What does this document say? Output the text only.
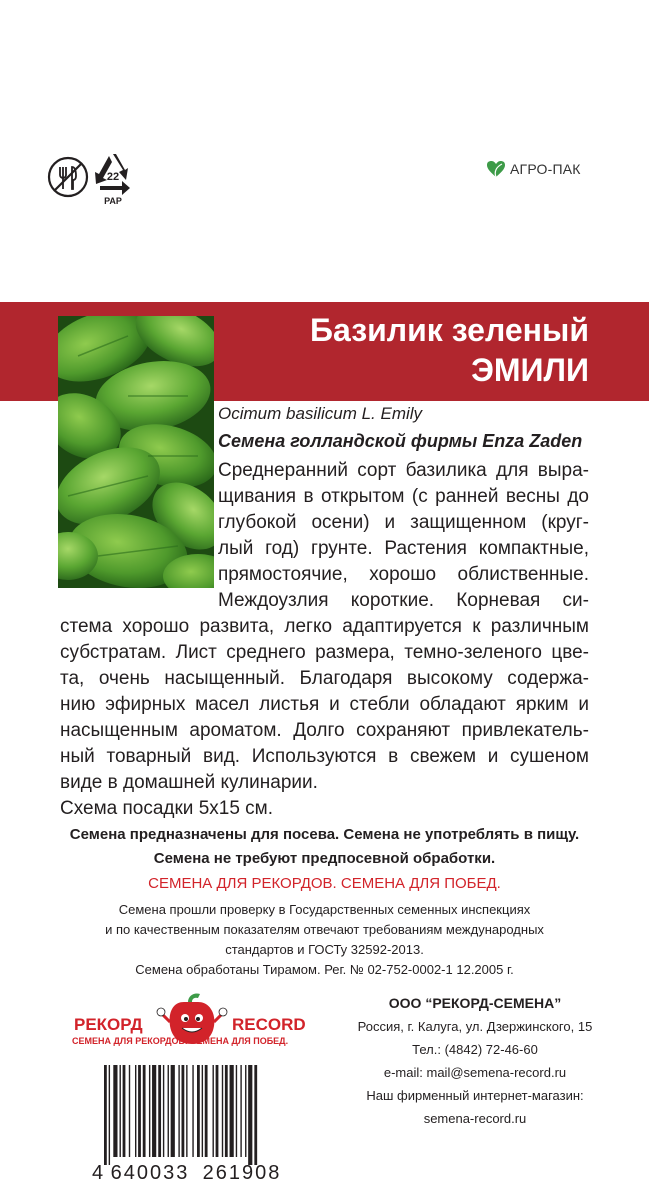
22
PAP
АГРО-ПАК
Базилик зеленый
ЭМИЛИ
Ocimum basilicum L. Emily
Семена голландской фирмы Enza Zaden
Среднеранний сорт базилика для выра-
щивания в открытом (с ранней весны до
глубокой осени) и защищенном (круг-
лый год) грунте. Растения компактные,
прямостоячие, хорошо облиственные.
Междоузлия короткие. Корневая си-
стема хорошо развита, легко адаптируется к различным
субстратам. Лист среднего размера, темно-зеленого цве-
та, очень насыщенный. Благодаря высокому содержа-
нию эфирных масел листья и стебли обладают ярким и
насыщенным ароматом. Долго сохраняют привлекатель-
ный товарный вид. Используются в свежем и сушеном
виде в домашней кулинарии.
Схема посадки 5x15 см.
Семена предназначены для посева. Семена не употреблять в пищу.
Семена не требуют предпосевной обработки.
СЕМЕНА ДЛЯ РЕКОРДОВ. СЕМЕНА ДЛЯ ПОБЕД.
Семена прошли проверку в Государственных семенных инспекциях
и по качественным показателям отвечают требованиям международных
стандартов и ГОСТу 32592-2013.
Семена обработаны Тирамом. Рег. № 02-752-0002-1 12.2005 г.
РЕКОРД	RECORD
СЕМЕНА ДЛЯ РЕКОРДОВ. СЕМЕНА ДЛЯ ПОБЕД.
ООО “РЕКОРД-СЕМЕНА”
Россия, г. Калуга, ул. Дзержинского, 15
Тел.: (4842) 72-46-60
e-mail: mail@semena-record.ru
Наш фирменный интернет-магазин:
semena-record.ru
4 640033 261908
